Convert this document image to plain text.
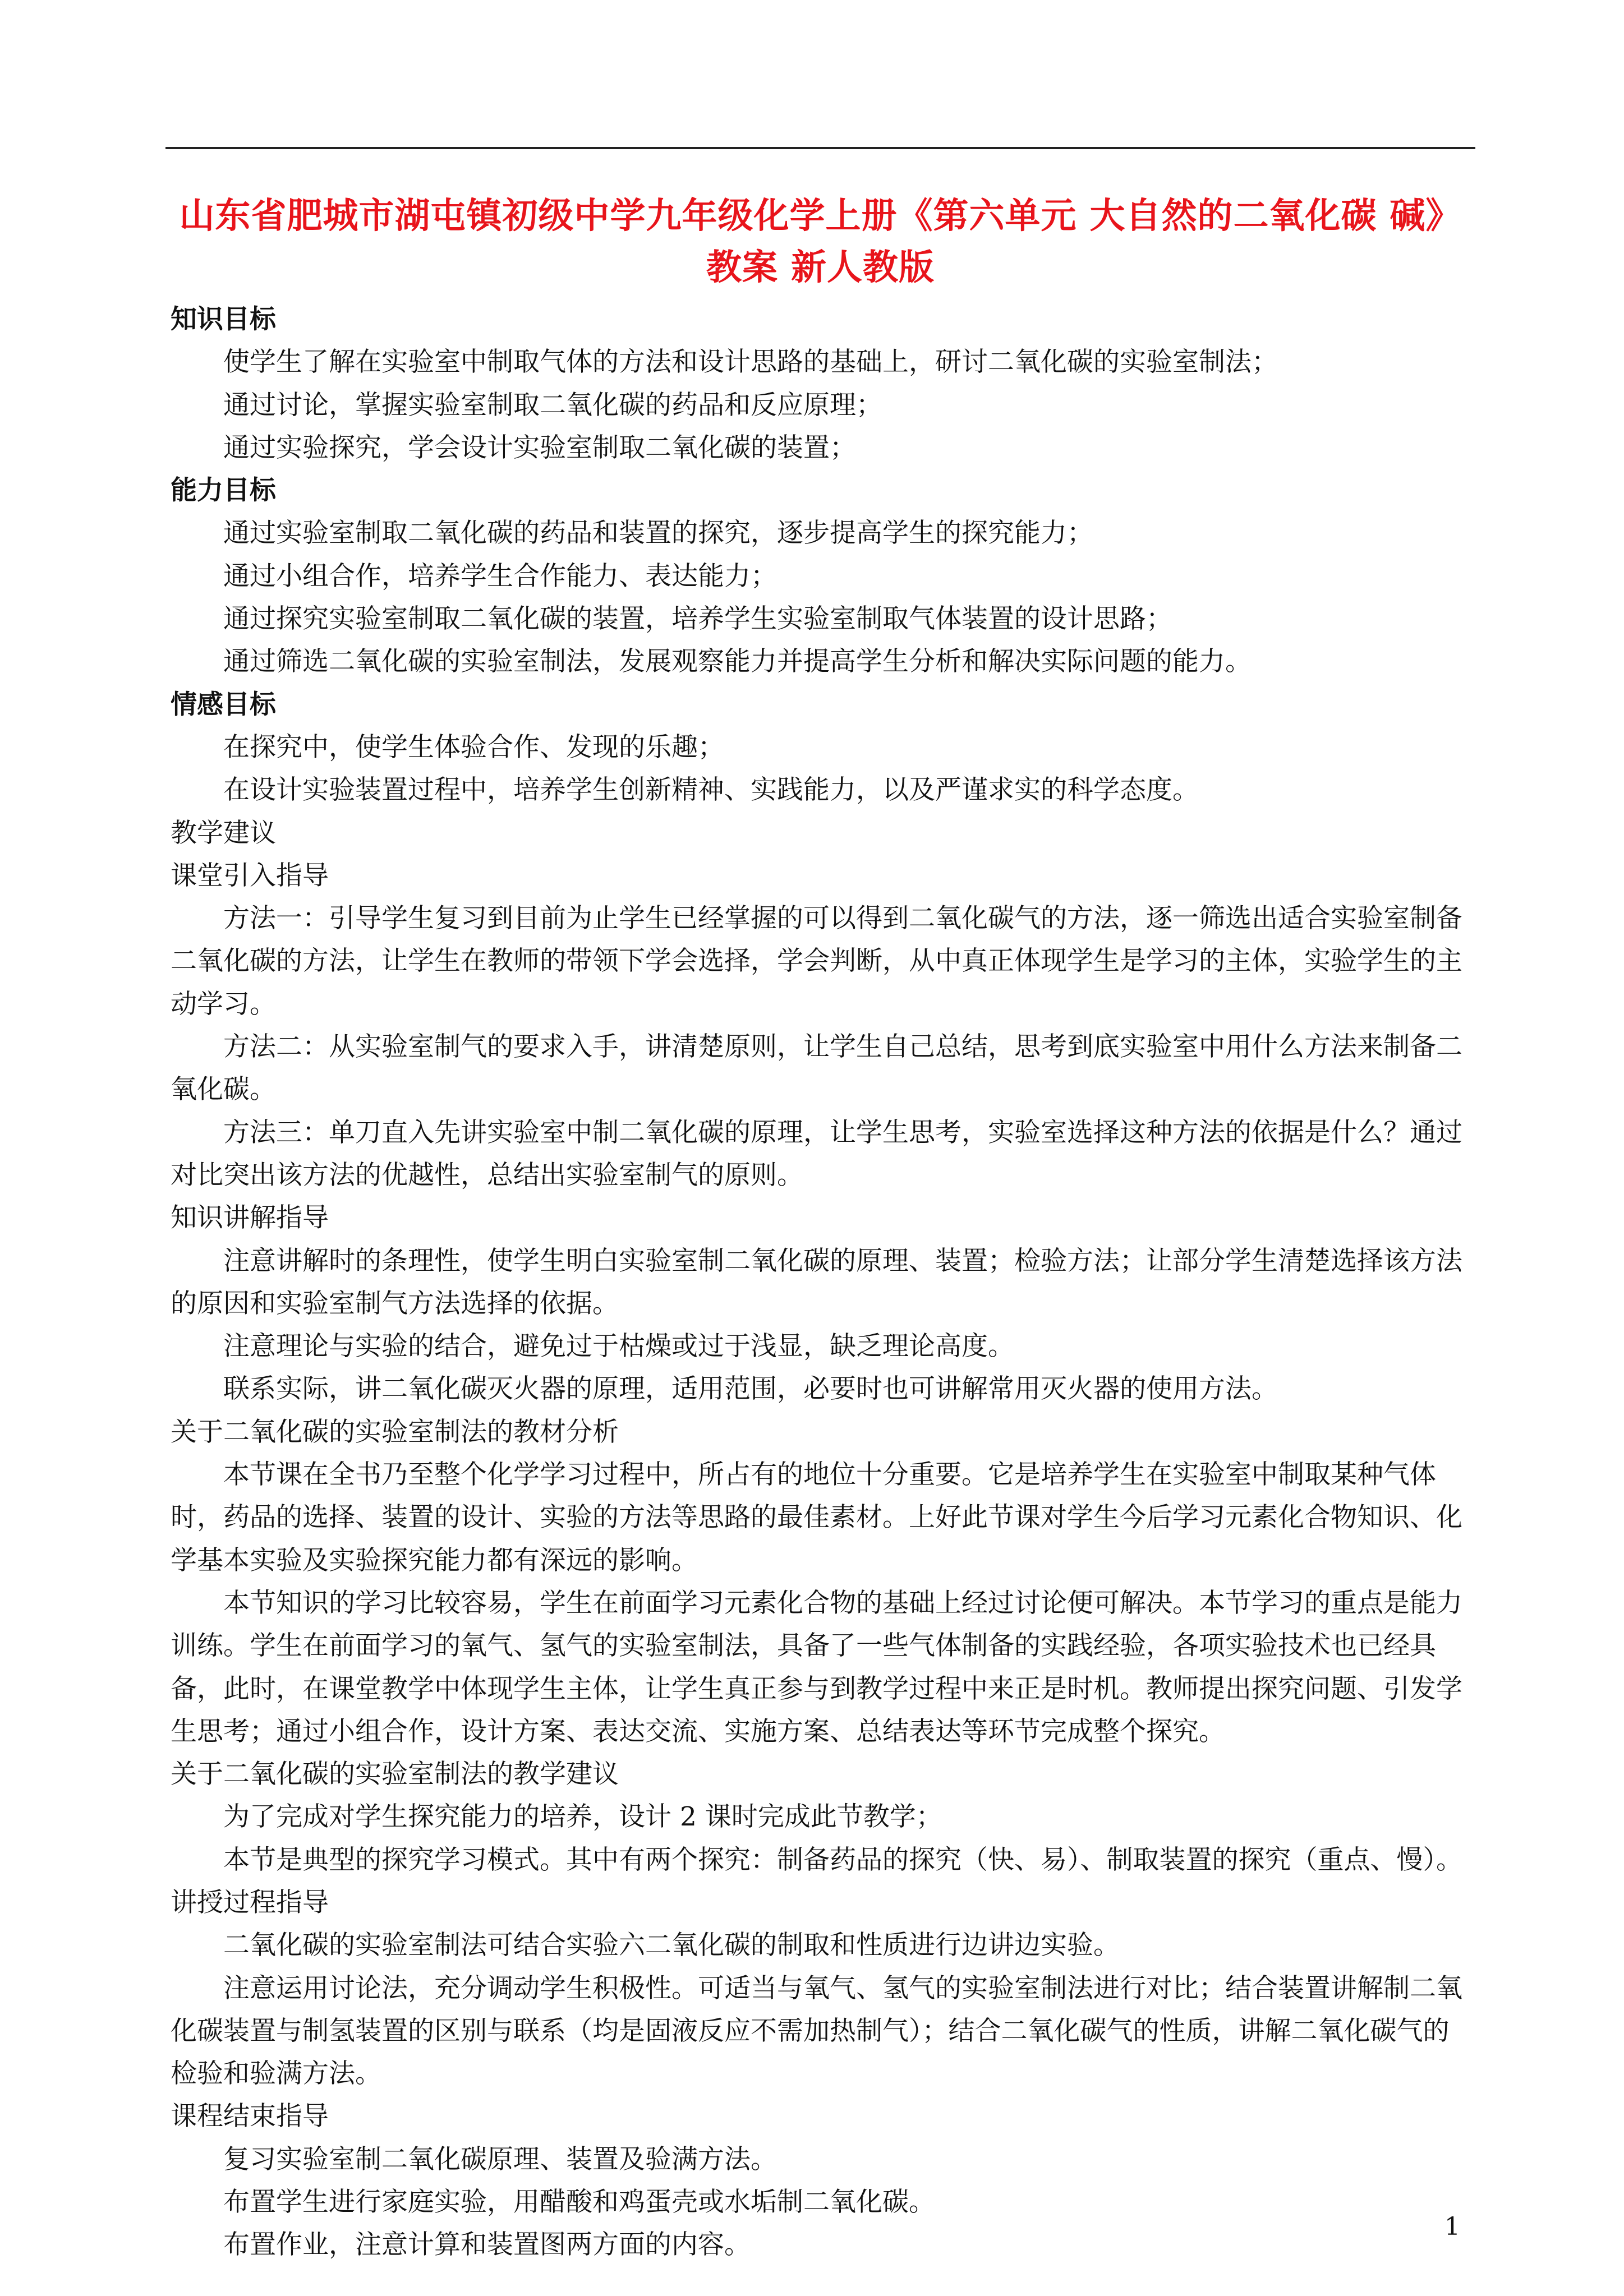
山东省肥城市湖屯镇初级中学九年级化学上册《第六单元 大自然的二氧化碳 碱》教案 新人教版
知识目标
使学生了解在实验室中制取气体的方法和设计思路的基础上，研讨二氧化碳的实验室制法；
通过讨论，掌握实验室制取二氧化碳的药品和反应原理；
通过实验探究，学会设计实验室制取二氧化碳的装置；
能力目标
通过实验室制取二氧化碳的药品和装置的探究，逐步提高学生的探究能力；
通过小组合作，培养学生合作能力、表达能力；
通过探究实验室制取二氧化碳的装置，培养学生实验室制取气体装置的设计思路；
通过筛选二氧化碳的实验室制法，发展观察能力并提高学生分析和解决实际问题的能力。
情感目标
在探究中，使学生体验合作、发现的乐趣；
在设计实验装置过程中，培养学生创新精神、实践能力，以及严谨求实的科学态度。
教学建议
课堂引入指导
方法一：引导学生复习到目前为止学生已经掌握的可以得到二氧化碳气的方法，逐一筛选出适合实验室制备二氧化碳的方法，让学生在教师的带领下学会选择，学会判断，从中真正体现学生是学习的主体，实验学生的主动学习。
方法二：从实验室制气的要求入手，讲清楚原则，让学生自己总结，思考到底实验室中用什么方法来制备二氧化碳。
方法三：单刀直入先讲实验室中制二氧化碳的原理，让学生思考，实验室选择这种方法的依据是什么？通过对比突出该方法的优越性，总结出实验室制气的原则。
知识讲解指导
注意讲解时的条理性，使学生明白实验室制二氧化碳的原理、装置；检验方法；让部分学生清楚选择该方法的原因和实验室制气方法选择的依据。
注意理论与实验的结合，避免过于枯燥或过于浅显，缺乏理论高度。
联系实际，讲二氧化碳灭火器的原理，适用范围，必要时也可讲解常用灭火器的使用方法。
关于二氧化碳的实验室制法的教材分析
本节课在全书乃至整个化学学习过程中，所占有的地位十分重要。它是培养学生在实验室中制取某种气体时，药品的选择、装置的设计、实验的方法等思路的最佳素材。上好此节课对学生今后学习元素化合物知识、化学基本实验及实验探究能力都有深远的影响。
本节知识的学习比较容易，学生在前面学习元素化合物的基础上经过讨论便可解决。本节学习的重点是能力训练。学生在前面学习的氧气、氢气的实验室制法，具备了一些气体制备的实践经验，各项实验技术也已经具备，此时，在课堂教学中体现学生主体，让学生真正参与到教学过程中来正是时机。教师提出探究问题、引发学生思考；通过小组合作，设计方案、表达交流、实施方案、总结表达等环节完成整个探究。
关于二氧化碳的实验室制法的教学建议
为了完成对学生探究能力的培养，设计 2 课时完成此节教学；
本节是典型的探究学习模式。其中有两个探究：制备药品的探究（快、易）、制取装置的探究（重点、慢）。
讲授过程指导
二氧化碳的实验室制法可结合实验六二氧化碳的制取和性质进行边讲边实验。
注意运用讨论法，充分调动学生积极性。可适当与氧气、氢气的实验室制法进行对比；结合装置讲解制二氧化碳装置与制氢装置的区别与联系（均是固液反应不需加热制气）；结合二氧化碳气的性质，讲解二氧化碳气的检验和验满方法。
课程结束指导
复习实验室制二氧化碳原理、装置及验满方法。
布置学生进行家庭实验，用醋酸和鸡蛋壳或水垢制二氧化碳。
布置作业，注意计算和装置图两方面的内容。
1
